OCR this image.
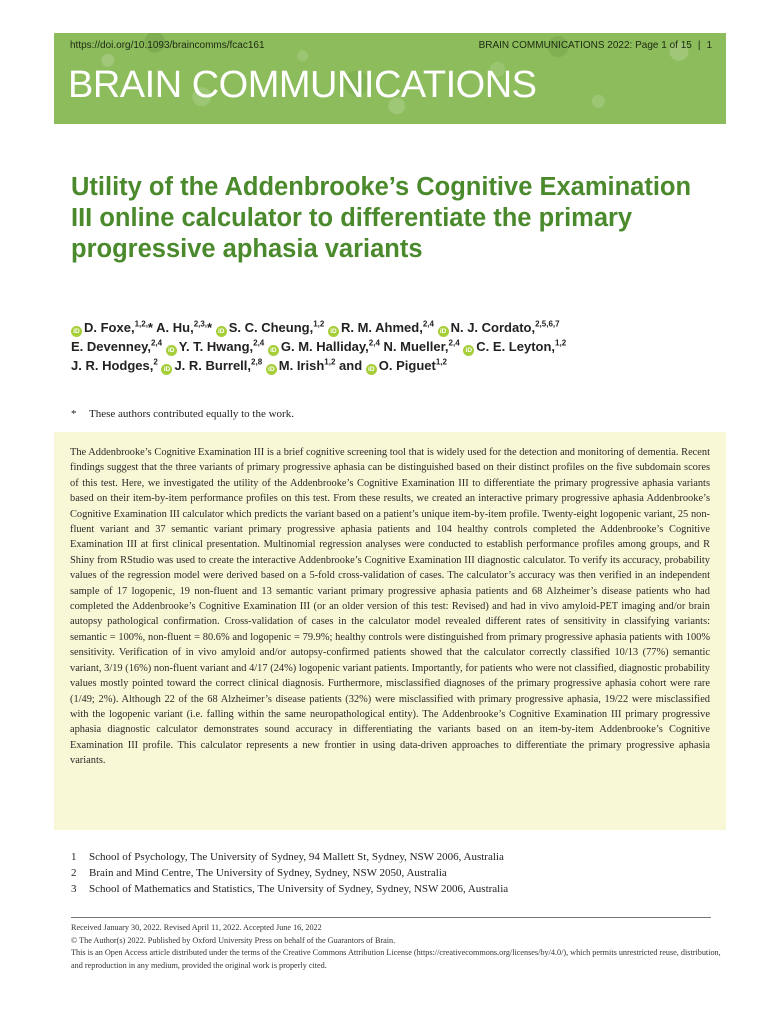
https://doi.org/10.1093/braincomms/fcac161	BRAIN COMMUNICATIONS 2022: Page 1 of 15 | 1
BRAIN COMMUNICATIONS
Utility of the Addenbrooke’s Cognitive Examination III online calculator to differentiate the primary progressive aphasia variants
iD D. Foxe,$^{1,2,}$* A. Hu,$^{2,3,}$* iD S. C. Cheung,$^{1,2}$ iD R. M. Ahmed,$^{2,4}$ iD N. J. Cordato,$^{2,5,6,7}$
E. Devenney,$^{2,4}$ iD Y. T. Hwang,$^{2,4}$ iD G. M. Halliday,$^{2,4}$ N. Mueller,$^{2,4}$ iD C. E. Leyton,$^{1,2}$
J. R. Hodges,$^2$ iD J. R. Burrell,$^{2,8}$ iD M. Irish$^{1,2}$ and iD O. Piguet$^{1,2}$
* These authors contributed equally to the work.

The Addenbrooke’s Cognitive Examination III is a brief cognitive screening tool that is widely used for the detection and monitoring of dementia. Recent findings suggest that the three variants of primary progressive aphasia can be distinguished based on their distinct profiles on the five subdomain scores of this test. Here, we investigated the utility of the Addenbrooke’s Cognitive Examination III to differentiate the primary progressive aphasia variants based on their item-by-item performance profiles on this test. From these results, we created an interactive primary progressive aphasia Addenbrooke’s Cognitive Examination III calculator which predicts the variant based on a patient’s unique item-by-item profile. Twenty-eight logopenic variant, 25 non-fluent variant and 37 semantic variant primary progressive aphasia patients and 104 healthy controls completed the Addenbrooke’s Cognitive Examination III at first clinical presentation. Multinomial regression analyses were conducted to establish performance profiles among groups, and R Shiny from RStudio was used to create the interactive Addenbrooke’s Cognitive Examination III diagnostic calculator. To verify its accuracy, probability values of the regression model were derived based on a 5-fold cross-validation of cases. The calculator’s accuracy was then verified in an independent sample of 17 logopenic, 19 non-fluent and 13 semantic variant primary progressive aphasia patients and 68 Alzheimer’s disease patients who had completed the Addenbrooke’s Cognitive Examination III (or an older version of this test: Revised) and had in vivo amyloid-PET imaging and/or brain autopsy pathological confirmation. Cross-validation of cases in the calculator model revealed different rates of sensitivity in classifying variants: semantic = 100%, non-fluent = 80.6% and logopenic = 79.9%; healthy controls were distinguished from primary progressive aphasia patients with 100% sensitivity. Verification of in vivo amyloid and/or autopsy-confirmed patients showed that the calculator correctly classified 10/13 (77%) semantic variant, 3/19 (16%) non-fluent variant and 4/17 (24%) logopenic variant patients. Importantly, for patients who were not classified, diagnostic probability values mostly pointed toward the correct clinical diagnosis. Furthermore, misclassified diagnoses of the primary progressive aphasia cohort were rare (1/49; 2%). Although 22 of the 68 Alzheimer’s disease patients (32%) were misclassified with primary progressive aphasia, 19/22 were misclassified with the logopenic variant (i.e. falling within the same neuropathological entity). The Addenbrooke’s Cognitive Examination III primary progressive aphasia diagnostic calculator demonstrates sound accuracy in differentiating the variants based on an item-by-item Addenbrooke’s Cognitive Examination III profile. This calculator represents a new frontier in using data-driven approaches to differentiate the primary progressive aphasia variants.

1 School of Psychology, The University of Sydney, 94 Mallett St, Sydney, NSW 2006, Australia
2 Brain and Mind Centre, The University of Sydney, Sydney, NSW 2050, Australia
3 School of Mathematics and Statistics, The University of Sydney, Sydney, NSW 2006, Australia
Received January 30, 2022. Revised April 11, 2022. Accepted June 16, 2022
© The Author(s) 2022. Published by Oxford University Press on behalf of the Guarantors of Brain.
This is an Open Access article distributed under the terms of the Creative Commons Attribution License (https://creativecommons.org/licenses/by/4.0/), which permits unrestricted reuse, distribution, and reproduction in any medium, provided the original work is properly cited.
